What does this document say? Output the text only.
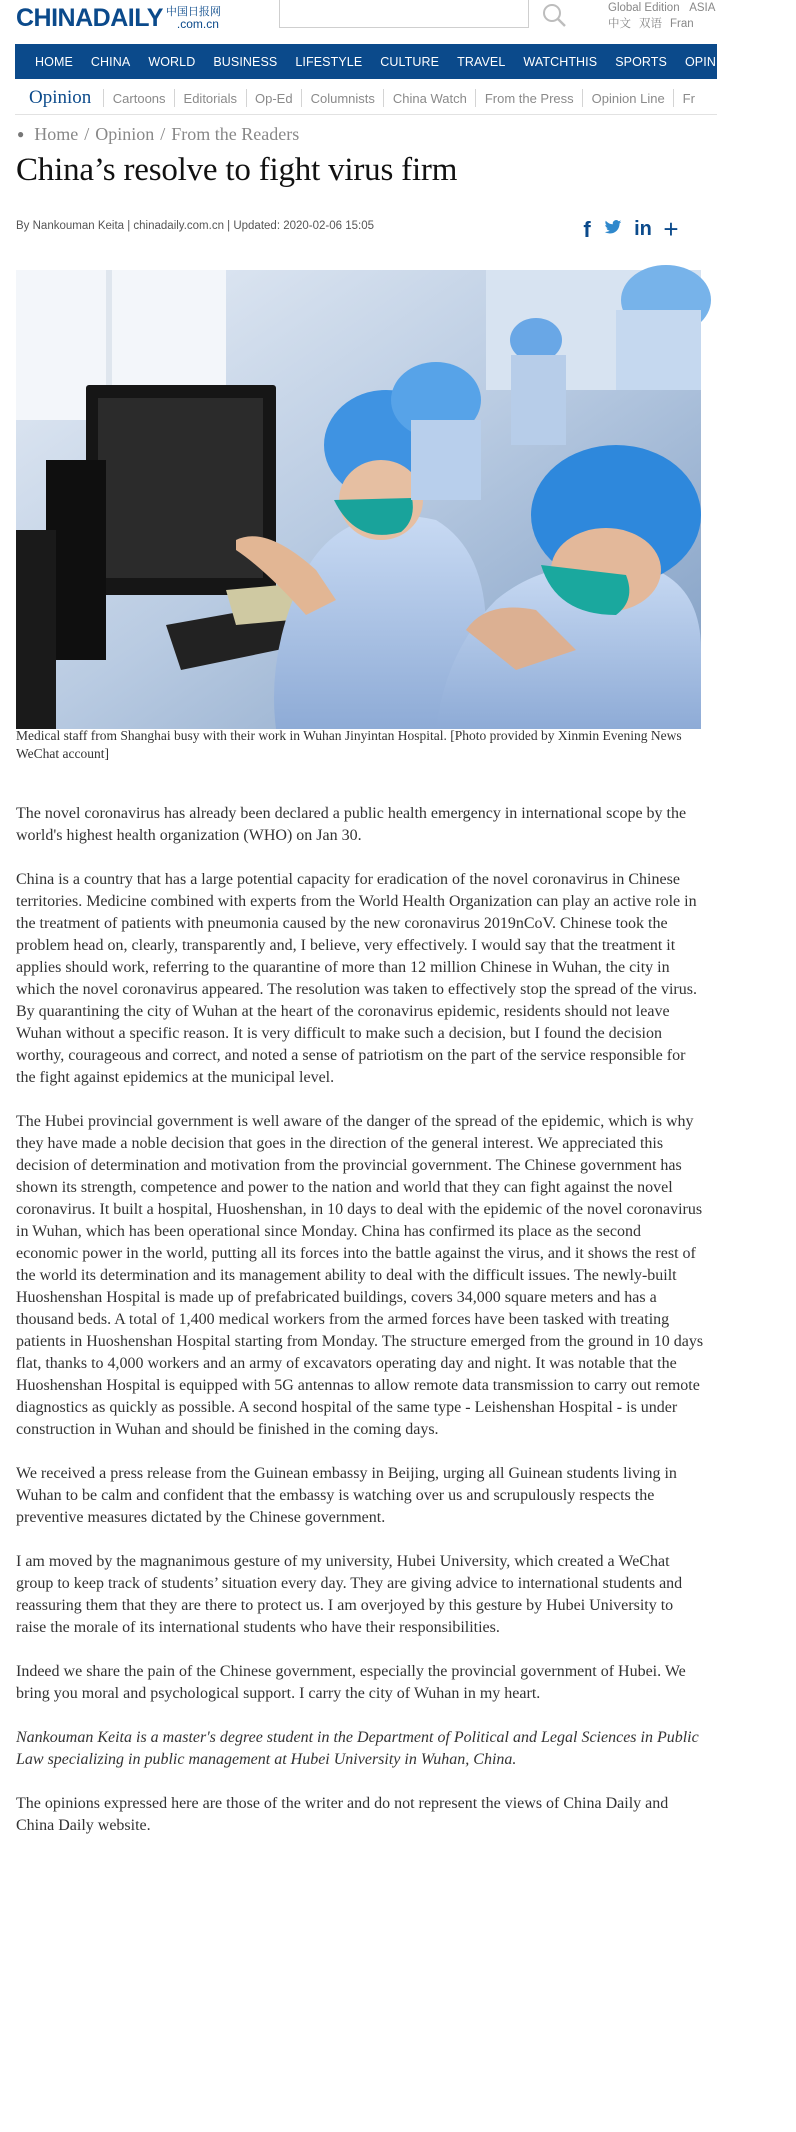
CHINADAILY 中国日报网
.com.cn
Global Edition ASIA
中文 双语 Fran
HOME	CHINA	WORLD	BUSINESS	LIFESTYLE	CULTURE	TRAVEL	WATCHTHIS	SPORTS	OPINION	REGI
Opinion	Cartoons	Editorials	Op-Ed	Columnists	China Watch	From the Press	Opinion Line	Fr
● Home / Opinion / From the Readers
China’s resolve to fight virus firm
By Nankouman Keita | chinadaily.com.cn | Updated: 2020-02-06 15:05	f	in +
Medical staff from Shanghai busy with their work in Wuhan Jinyintan Hospital. [Photo provided by Xinmin Evening News WeChat account]

The novel coronavirus has already been declared a public health emergency in international scope by the world's highest health organization (WHO) on Jan 30.

China is a country that has a large potential capacity for eradication of the novel coronavirus in Chinese territories. Medicine combined with experts from the World Health Organization can play an active role in the treatment of patients with pneumonia caused by the new coronavirus 2019nCoV. Chinese took the problem head on, clearly, transparently and, I believe, very effectively. I would say that the treatment it applies should work, referring to the quarantine of more than 12 million Chinese in Wuhan, the city in which the novel coronavirus appeared. The resolution was taken to effectively stop the spread of the virus. By quarantining the city of Wuhan at the heart of the coronavirus epidemic, residents should not leave Wuhan without a specific reason. It is very difficult to make such a decision, but I found the decision worthy, courageous and correct, and noted a sense of patriotism on the part of the service responsible for the fight against epidemics at the municipal level.

The Hubei provincial government is well aware of the danger of the spread of the epidemic, which is why they have made a noble decision that goes in the direction of the general interest. We appreciated this decision of determination and motivation from the provincial government. The Chinese government has shown its strength, competence and power to the nation and world that they can fight against the novel coronavirus. It built a hospital, Huoshenshan, in 10 days to deal with the epidemic of the novel coronavirus in Wuhan, which has been operational since Monday. China has confirmed its place as the second economic power in the world, putting all its forces into the battle against the virus, and it shows the rest of the world its determination and its management ability to deal with the difficult issues. The newly-built Huoshenshan Hospital is made up of prefabricated buildings, covers 34,000 square meters and has a thousand beds. A total of 1,400 medical workers from the armed forces have been tasked with treating patients in Huoshenshan Hospital starting from Monday. The structure emerged from the ground in 10 days flat, thanks to 4,000 workers and an army of excavators operating day and night. It was notable that the Huoshenshan Hospital is equipped with 5G antennas to allow remote data transmission to carry out remote diagnostics as quickly as possible. A second hospital of the same type - Leishenshan Hospital - is under construction in Wuhan and should be finished in the coming days.

We received a press release from the Guinean embassy in Beijing, urging all Guinean students living in Wuhan to be calm and confident that the embassy is watching over us and scrupulously respects the preventive measures dictated by the Chinese government.

I am moved by the magnanimous gesture of my university, Hubei University, which created a WeChat group to keep track of students’ situation every day. They are giving advice to international students and reassuring them that they are there to protect us. I am overjoyed by this gesture by Hubei University to raise the morale of its international students who have their responsibilities.

Indeed we share the pain of the Chinese government, especially the provincial government of Hubei. We bring you moral and psychological support. I carry the city of Wuhan in my heart.

Nankouman Keita is a master's degree student in the Department of Political and Legal Sciences in Public Law specializing in public management at Hubei University in Wuhan, China.

The opinions expressed here are those of the writer and do not represent the views of China Daily and China Daily website.
